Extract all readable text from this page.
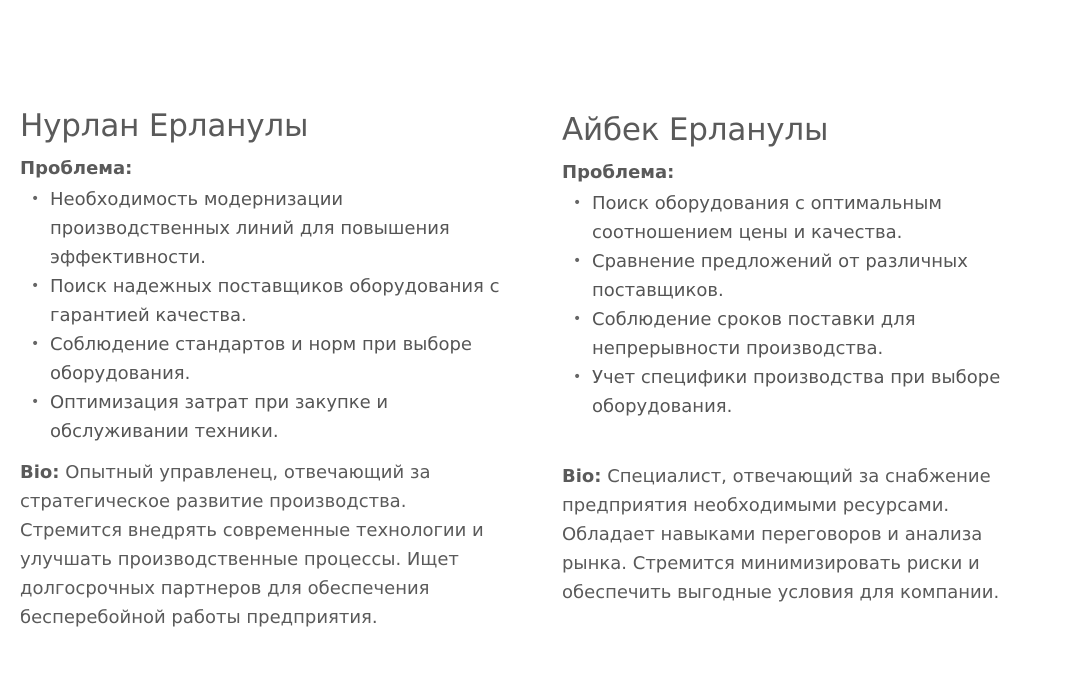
Нурлан Ерланулы
Проблема:
• Необходимость модернизации производственных линий для повышения эффективности.
• Поиск надежных поставщиков оборудования с гарантией качества.
• Соблюдение стандартов и норм при выборе оборудования.
• Оптимизация затрат при закупке и обслуживании техники.
Bio: Опытный управленец, отвечающий за стратегическое развитие производства. Стремится внедрять современные технологии и улучшать производственные процессы. Ищет долгосрочных партнеров для обеспечения бесперебойной работы предприятия.
Айбек Ерланулы
Проблема:
• Поиск оборудования с оптимальным соотношением цены и качества.
• Сравнение предложений от различных поставщиков.
• Соблюдение сроков поставки для непрерывности производства.
• Учет специфики производства при выборе оборудования.
Bio: Специалист, отвечающий за снабжение предприятия необходимыми ресурсами. Обладает навыками переговоров и анализа рынка. Стремится минимизировать риски и обеспечить выгодные условия для компании.
